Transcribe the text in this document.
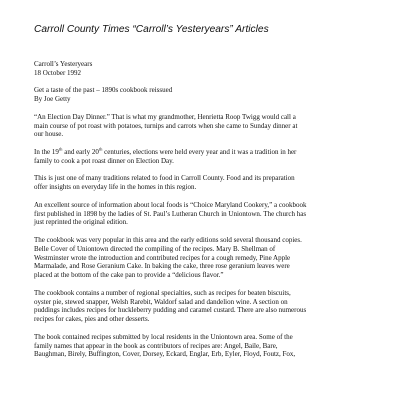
Carroll County Times “Carroll’s Yesteryears” Articles
Carroll’s Yesteryears
18 October 1992
Get a taste of the past – 1890s cookbook reissued
By Joe Getty
“An Election Day Dinner.” That is what my grandmother, Henrietta Roop Twigg would call a
main course of pot roast with potatoes, turnips and carrots when she came to Sunday dinner at
our house.
In the 19th and early 20th centuries, elections were held every year and it was a tradition in her
family to cook a pot roast dinner on Election Day.
This is just one of many traditions related to food in Carroll County. Food and its preparation
offer insights on everyday life in the homes in this region.
An excellent source of information about local foods is “Choice Maryland Cookery,” a cookbook
first published in 1898 by the ladies of St. Paul’s Lutheran Church in Uniontown. The church has
just reprinted the original edition.
The cookbook was very popular in this area and the early editions sold several thousand copies.
Belle Cover of Uniontown directed the compiling of the recipes. Mary B. Shellman of
Westminster wrote the introduction and contributed recipes for a cough remedy, Pine Apple
Marmalade, and Rose Geranium Cake. In baking the cake, three rose geranium leaves were
placed at the bottom of the cake pan to provide a “delicious flavor.”
The cookbook contains a number of regional specialties, such as recipes for beaten biscuits,
oyster pie, stewed snapper, Welsh Rarebit, Waldorf salad and dandelion wine. A section on
puddings includes recipes for huckleberry pudding and caramel custard. There are also numerous
recipes for cakes, pies and other desserts.
The book contained recipes submitted by local residents in the Uniontown area. Some of the
family names that appear in the book as contributors of recipes are: Angel, Baile, Bare,
Baughman, Birely, Buffington, Cover, Dorsey, Eckard, Englar, Erb, Eyler, Floyd, Foutz, Fox,
